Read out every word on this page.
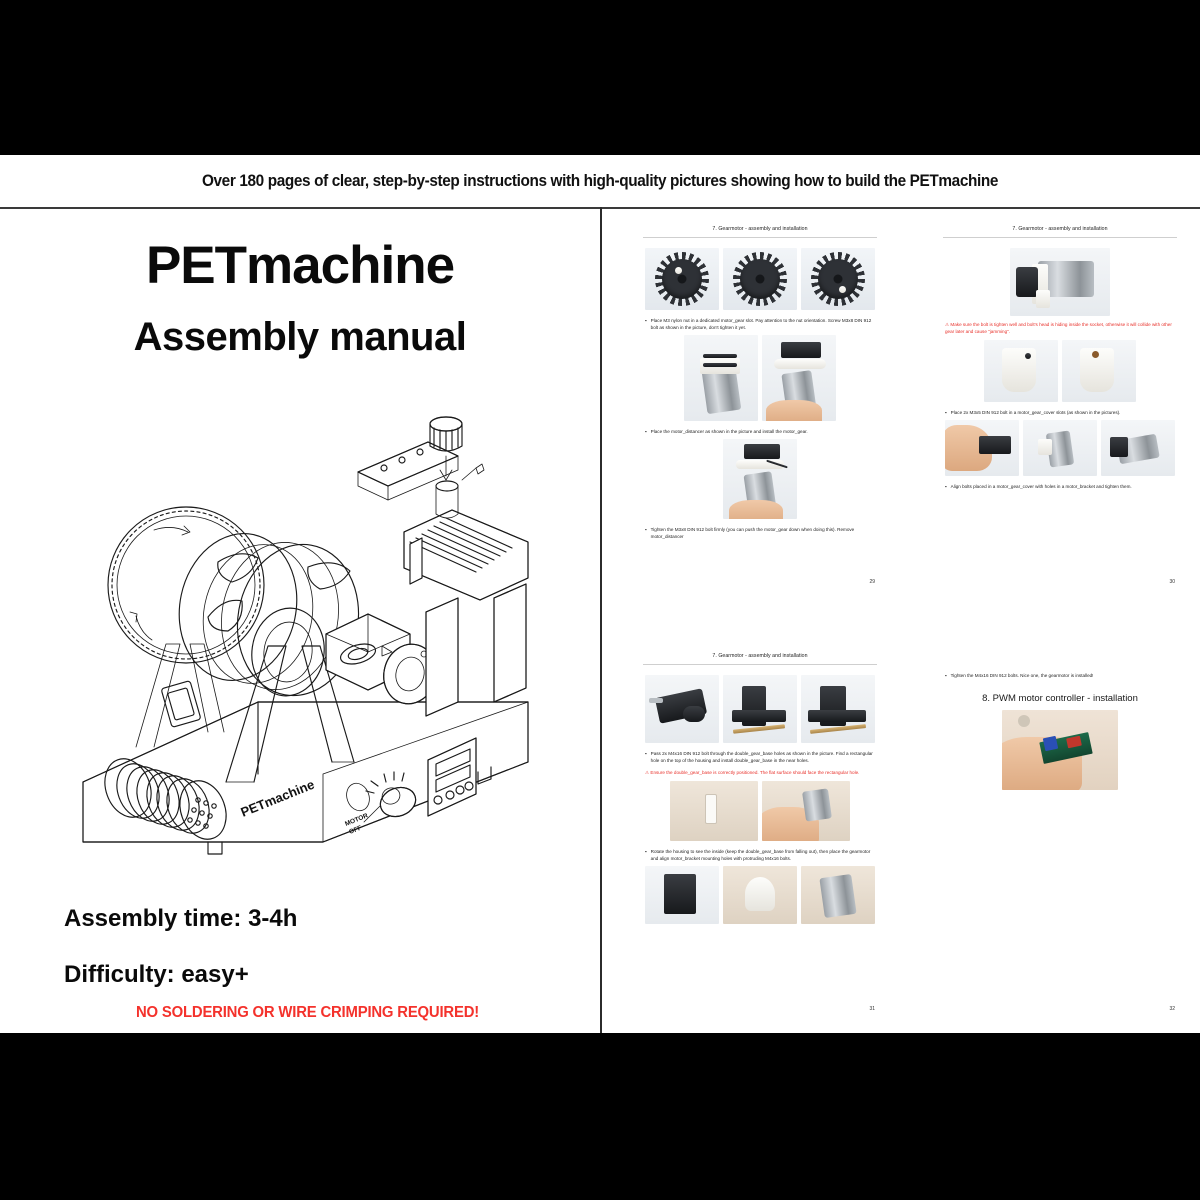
Over 180 pages of clear, step-by-step instructions with high-quality pictures showing how to build the PETmachine
PETmachine
Assembly manual
PETmachine
MOTOR
OFF
Assembly time: 3-4h
Difficulty: easy+
NO SOLDERING OR WIRE CRIMPING REQUIRED!
7. Gearmotor - assembly and installation
▪ Place M3 nylon nut in a dedicated motor_gear slot. Pay attention to the nut orientation. Screw M3x8 DIN 912 bolt as shown in the picture, don't tighten it yet.
▪ Place the motor_distancer as shown in the picture and install the motor_gear.
▪ Tighten the M3x8 DIN 912 bolt firmly (you can push the motor_gear down when doing this). Remove motor_distancer
29
7. Gearmotor - assembly and installation
⚠ Make sure the bolt is tighten well and bolt's head is hiding inside the socket, otherwise it will collide with other gear later and cause "jamming".
▪ Place 2x M3x5 DIN 912 bolt in a motor_gear_cover slots (as shown in the pictures).
▪ Align bolts placed in a motor_gear_cover with holes in a motor_bracket and tighten them.
30
7. Gearmotor - assembly and installation
▪ Pass 2x M4x16 DIN 912 bolt through the double_gear_base holes as shown in the picture. Find a rectangular hole on the top of the housing and install double_gear_base in the near holes.
⚠ Ensure the double_gear_base is correctly positioned. The flat surface should face the rectangular hole.
▪ Rotate the housing to see the inside (keep the double_gear_base from falling out), then place the gearmotor and align motor_bracket mounting holes with protruding M4x16 bolts.
31
▪ Tighten the M4x16 DIN 912 bolts. Nice one, the gearmotor is installed!
8. PWM motor controller - installation
32
